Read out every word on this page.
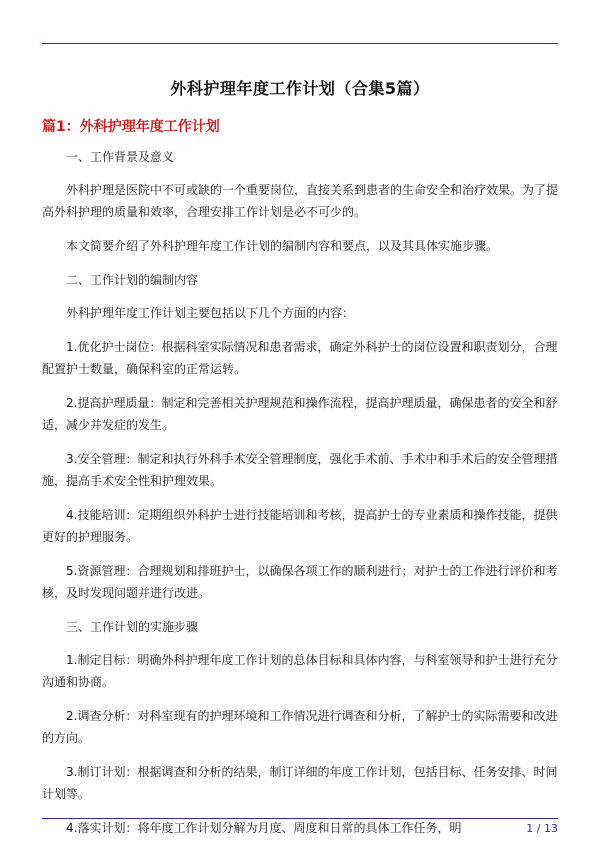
外科护理年度工作计划（合集5篇）
篇1：外科护理年度工作计划

一、工作背景及意义

外科护理是医院中不可或缺的一个重要岗位，直接关系到患者的生命安全和治疗效果。为了提高外科护理的质量和效率，合理安排工作计划是必不可少的。

本文简要介绍了外科护理年度工作计划的编制内容和要点，以及其具体实施步骤。

二、工作计划的编制内容

外科护理年度工作计划主要包括以下几个方面的内容：

1.优化护士岗位：根据科室实际情况和患者需求，确定外科护士的岗位设置和职责划分，合理配置护士数量，确保科室的正常运转。

2.提高护理质量：制定和完善相关护理规范和操作流程，提高护理质量，确保患者的安全和舒适，减少并发症的发生。

3.安全管理：制定和执行外科手术安全管理制度，强化手术前、手术中和手术后的安全管理措施，提高手术安全性和护理效果。

4.技能培训：定期组织外科护士进行技能培训和考核，提高护士的专业素质和操作技能，提供更好的护理服务。

5.资源管理：合理规划和排班护士，以确保各项工作的顺利进行；对护士的工作进行评价和考核，及时发现问题并进行改进。

三、工作计划的实施步骤

1.制定目标：明确外科护理年度工作计划的总体目标和具体内容，与科室领导和护士进行充分沟通和协商。

2.调查分析：对科室现有的护理环境和工作情况进行调查和分析，了解护士的实际需要和改进的方向。

3.制订计划：根据调查和分析的结果，制订详细的年度工作计划，包括目标、任务安排、时间计划等。

4.落实计划：将年度工作计划分解为月度、周度和日常的具体工作任务，明	1 / 13
